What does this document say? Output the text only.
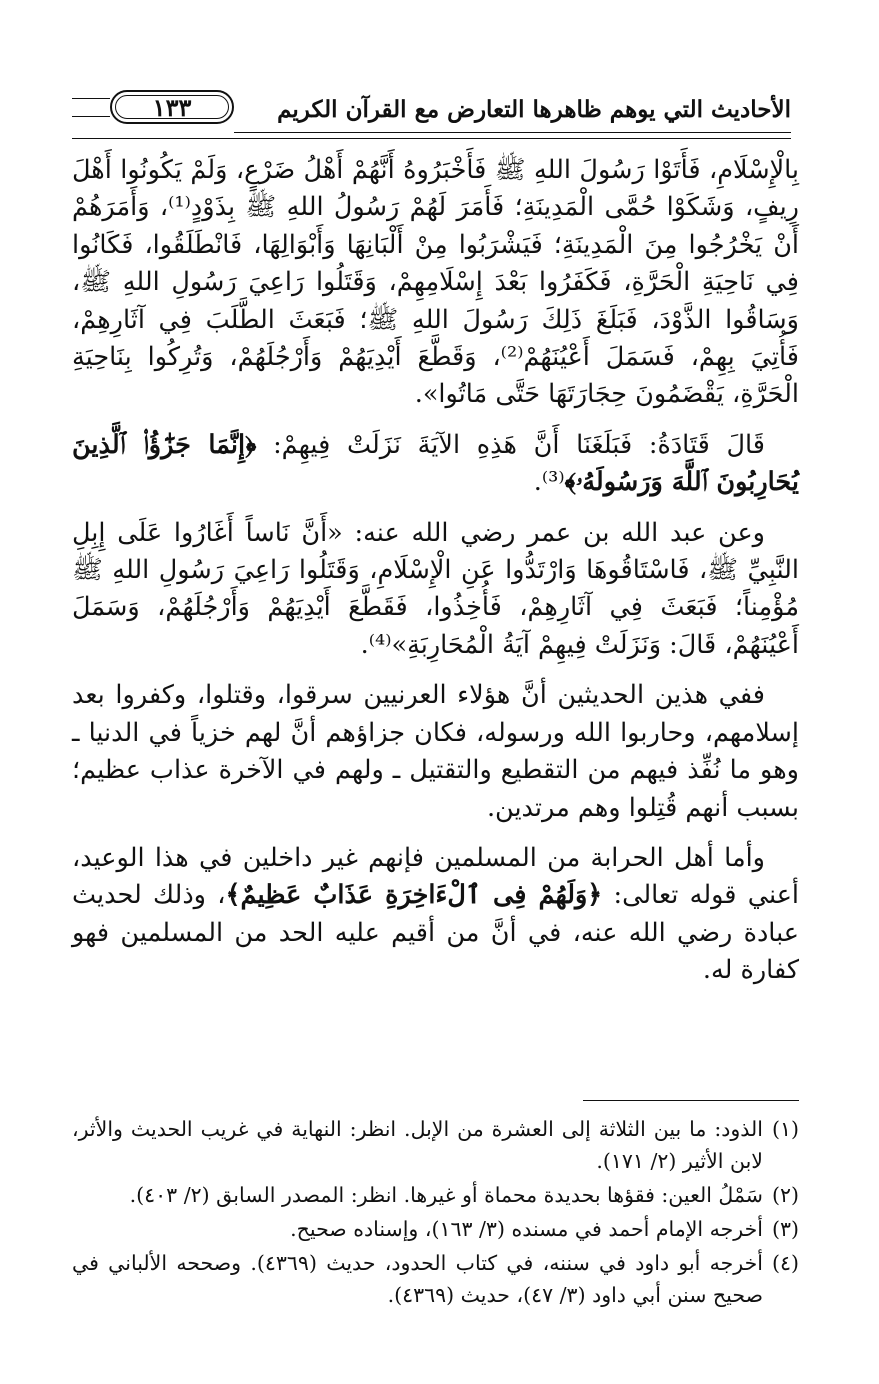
الأحاديث التي يوهم ظاهرها التعارض مع القرآن الكريم
١٣٣

بِالْإِسْلَامِ، فَأَتَوْا رَسُولَ اللهِ ﷺ فَأَخْبَرُوهُ أَنَّهُمْ أَهْلُ ضَرْعٍ، وَلَمْ يَكُونُوا أَهْلَ رِيفٍ، وَشَكَوْا حُمَّى الْمَدِينَةِ؛ فَأَمَرَ لَهُمْ رَسُولُ اللهِ ﷺ بِذَوْدٍ⁽¹⁾، وَأَمَرَهُمْ أَنْ يَخْرُجُوا مِنَ الْمَدِينَةِ؛ فَيَشْرَبُوا مِنْ أَلْبَانِهَا وَأَبْوَالِهَا، فَانْطَلَقُوا، فَكَانُوا فِي نَاحِيَةِ الْحَرَّةِ، فَكَفَرُوا بَعْدَ إِسْلَامِهِمْ، وَقَتَلُوا رَاعِيَ رَسُولِ اللهِ ﷺ، وَسَاقُوا الذَّوْدَ، فَبَلَغَ ذَلِكَ رَسُولَ اللهِ ﷺ؛ فَبَعَثَ الطَّلَبَ فِي آثَارِهِمْ، فَأُتِيَ بِهِمْ، فَسَمَلَ أَعْيُنَهُمْ⁽²⁾، وَقَطَّعَ أَيْدِيَهُمْ وَأَرْجُلَهُمْ، وَتُرِكُوا بِنَاحِيَةِ الْحَرَّةِ، يَقْضَمُونَ حِجَارَتَهَا حَتَّى مَاتُوا».

قَالَ قَتَادَةُ: فَبَلَغَنَا أَنَّ هَذِهِ الآيَةَ نَزَلَتْ فِيهِمْ: ﴿إِنَّمَا جَزَٰٓؤُا۟ ٱلَّذِينَ يُحَارِبُونَ ٱللَّهَ وَرَسُولَهُۥ﴾⁽³⁾.

وعن عبد الله بن عمر رضي الله عنه: «أَنَّ نَاساً أَغَارُوا عَلَى إِبِلِ النَّبِيِّ ﷺ، فَاسْتَاقُوهَا وَارْتَدُّوا عَنِ الْإِسْلَامِ، وَقَتَلُوا رَاعِيَ رَسُولِ اللهِ ﷺ مُؤْمِناً؛ فَبَعَثَ فِي آثَارِهِمْ، فَأُخِذُوا، فَقَطَّعَ أَيْدِيَهُمْ وَأَرْجُلَهُمْ، وَسَمَلَ أَعْيُنَهُمْ، قَالَ: وَنَزَلَتْ فِيهِمْ آيَةُ الْمُحَارِبَةِ»⁽⁴⁾.

ففي هذين الحديثين أنَّ هؤلاء العرنيين سرقوا، وقتلوا، وكفروا بعد إسلامهم، وحاربوا الله ورسوله، فكان جزاؤهم أنَّ لهم خزياً في الدنيا ـ وهو ما نُفِّذ فيهم من التقطيع والتقتيل ـ ولهم في الآخرة عذاب عظيم؛ بسبب أنهم قُتِلوا وهم مرتدين.

وأما أهل الحرابة من المسلمين فإنهم غير داخلين في هذا الوعيد، أعني قوله تعالى: ﴿وَلَهُمْ فِى ٱلْءَاخِرَةِ عَذَابٌ عَظِيمٌ﴾، وذلك لحديث عبادة رضي الله عنه، في أنَّ من أقيم عليه الحد من المسلمين فهو كفارة له.

(١)
الذود: ما بين الثلاثة إلى العشرة من الإبل. انظر: النهاية في غريب الحديث والأثر، لابن الأثير (٢/ ١٧١).
(٢)
سَمْلُ العين: فقؤها بحديدة محماة أو غيرها. انظر: المصدر السابق (٢/ ٤٠٣).
(٣)
أخرجه الإمام أحمد في مسنده (٣/ ١٦٣)، وإسناده صحيح.
(٤)
أخرجه أبو داود في سننه، في كتاب الحدود، حديث (٤٣٦٩). وصححه الألباني في صحيح سنن أبي داود (٣/ ٤٧)، حديث (٤٣٦٩).
